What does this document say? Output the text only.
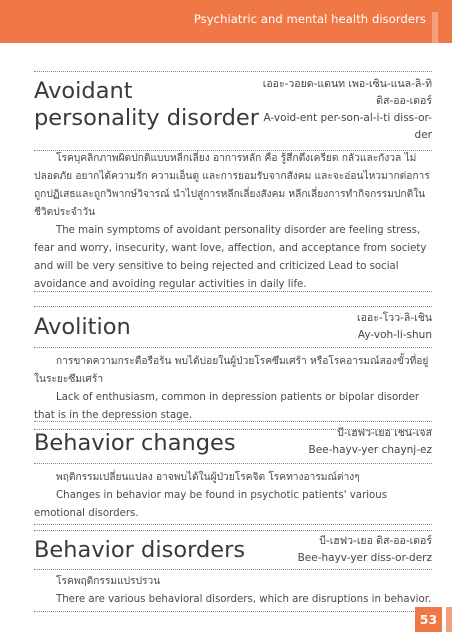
Psychiatric and mental health disorders
Avoidant personality disorder
เออะ-วอยด-แดนท เพอ-เซิน-แนล-ลิ-ทิ ดิส-ออ-เดอร์
A-void-ent per-son-al-i-ti diss-or-der

โรคบุคลิกภาพผิดปกติแบบหลีกเลี่ยง อาการหลัก คือ รู้สึกตึงเครียด กลัวและกังวล ไม่ปลอดภัย อยากได้ความรัก ความเอ็นดู และการยอมรับจากสังคม และจะอ่อนไหวมากต่อการถูกปฏิเสธและถูกวิพากษ์วิจารณ์ นำไปสู่การหลีกเลี่ยงสังคม หลีกเลี่ยงการทำกิจกรรมปกติในชีวิตประจำวัน

The main symptoms of avoidant personality disorder are feeling stress, fear and worry, insecurity, want love, affection, and acceptance from society and will be very sensitive to being rejected and criticized Lead to social avoidance and avoiding regular activities in daily life.

Avolition	เออะ-โวว-ลิ-เชิน
Ay-voh-li-shun

การขาดความกระตือรือร้น พบได้บ่อยในผู้ป่วยโรคซึมเศร้า หรือโรคอารมณ์สองขั้วที่อยู่ในระยะซึมเศร้า

Lack of enthusiasm, common in depression patients or bipolar disorder that is in the depression stage.

Behavior changes	บี-เฮฟว-เยอ เชน-เจส
Bee-hayv-yer chaynj-ez

พฤติกรรมเปลี่ยนแปลง อาจพบได้ในผู้ป่วยโรคจิต โรคทางอารมณ์ต่างๆ

Changes in behavior may be found in psychotic patients' various emotional disorders.

Behavior disorders	บี-เฮฟว-เยอ ดิส-ออ-เดอร์
Bee-hayv-yer diss-or-derz

โรคพฤติกรรมแปรปรวน

There are various behavioral disorders, which are disruptions in behavior.

53
